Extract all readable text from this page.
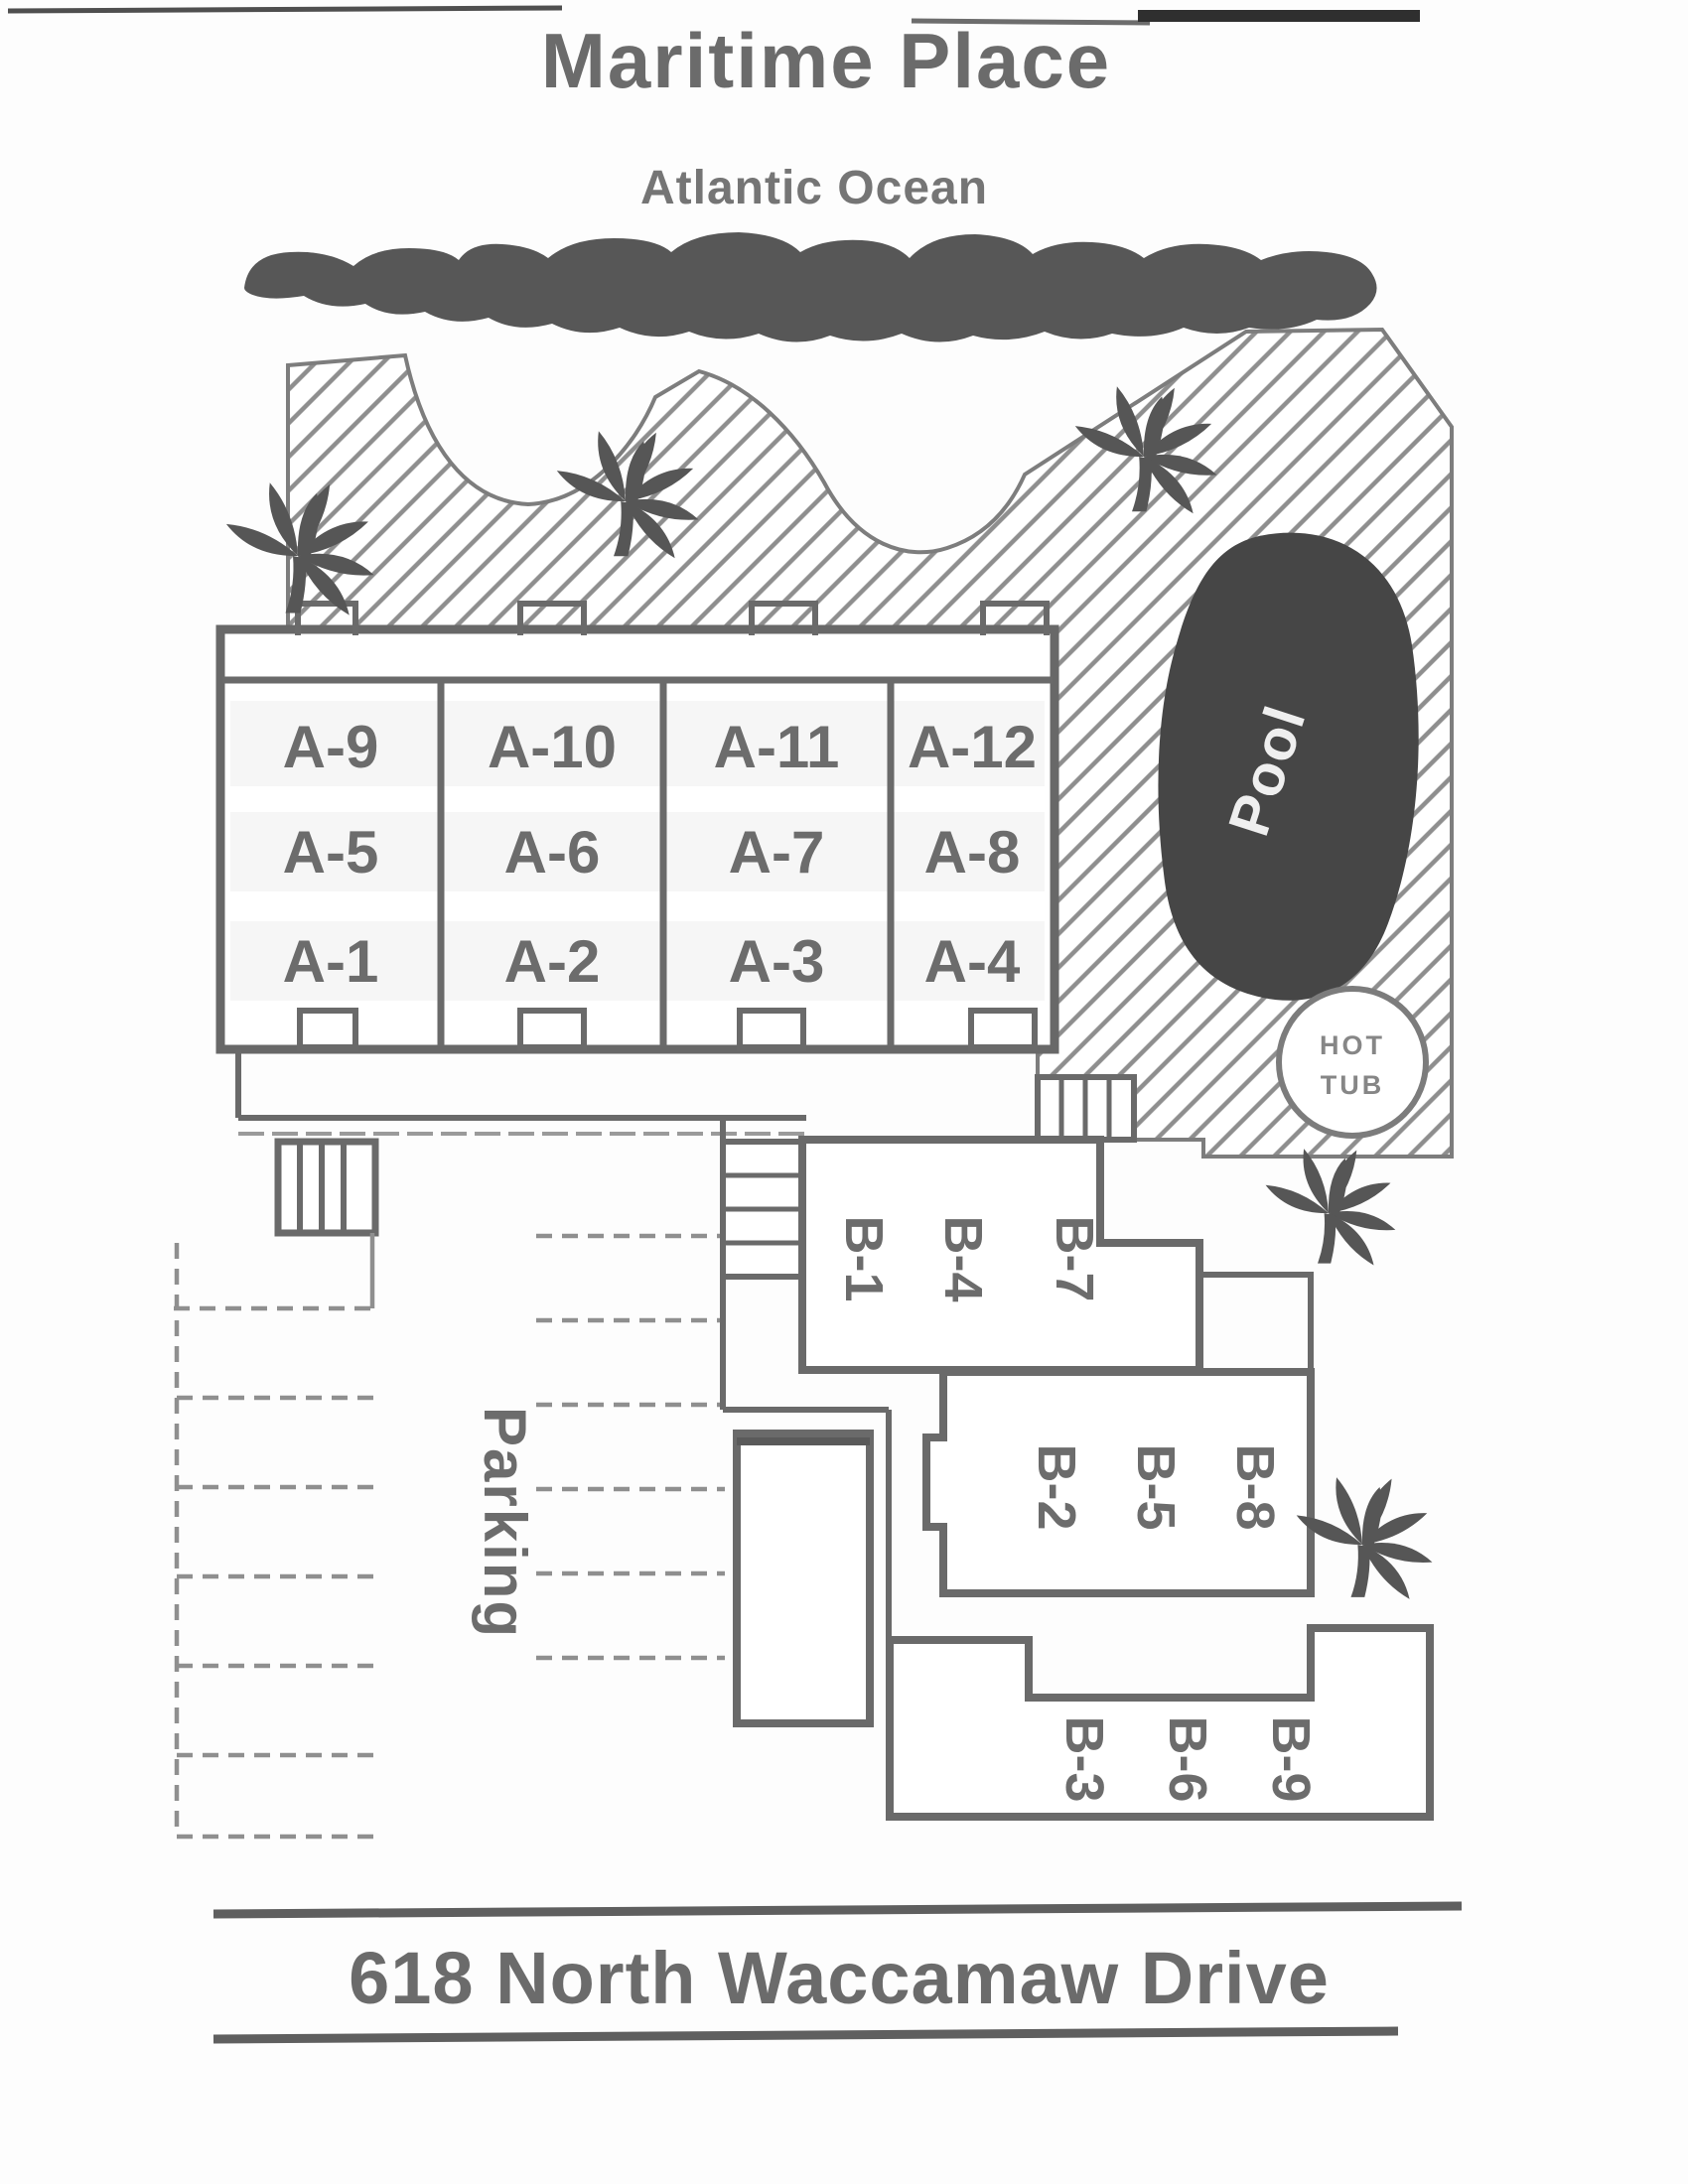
Maritime Place
Atlantic Ocean
Pool
HOT
TUB
A-9 A-10 A-11 A-12
A-5 A-6 A-7 A-8
A-1 A-2 A-3 A-4
Parking
B-1 B-4 B-7
B-2 B-5 B-8
B-3 B-6 B-9
618 North Waccamaw Drive
